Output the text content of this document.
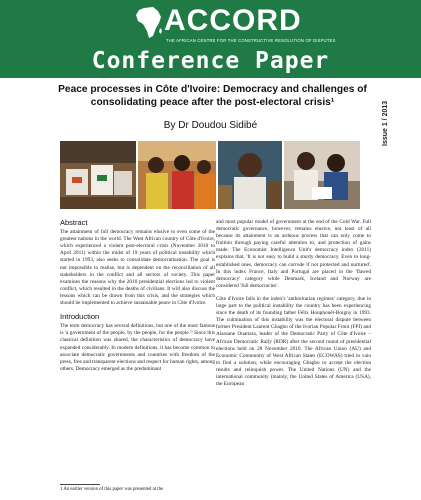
ACCORD
THE AFRICAN CENTRE FOR THE CONSTRUCTIVE RESOLUTION OF DISPUTES
Conference Paper
Issue 1 / 2013
Peace processes in Côte d'Ivoire: Democracy and challenges of consolidating peace after the post-electoral crisis¹
By Dr Doudou Sidibé
Abstract

The attainment of full democracy remains elusive to even some of the greatest nations in the world. The West African country of Côte d'Ivoire, which experienced a violent post-electoral crisis (November 2010 to April 2011) within the midst of 19 years of political instability which started in 1993, also seeks to consolidate democratisation. The goal is not impossible to realise, but is dependent on the reconciliation of all stakeholders in the conflict and all sectors of society. This paper examines the reasons why the 2010 presidential elections led to violent conflict, which resulted in the deaths of civilians. It will also discuss the lessons which can be drawn from this crisis, and the strategies which should be implemented to achieve sustainable peace in Côte d'Ivoire.

Introduction

The term democracy has several definitions, but one of the most famous is 'a government of the people, by the people, for the people.'² Since this classical definition was shared, the characteristics of democracy have expanded considerably. In modern definitions, it has become common to associate democratic governments and countries with freedom of the press, free and transparent elections and respect for human rights, among others. Democracy emerged as the predominant

and most popular model of government at the end of the Cold War. Full democratic governance, however, remains elusive, not least of all because its attainment is an arduous process that can only come to fruition through paying careful attention to, and protection of gains made. The Economist Intelligence Unit's democracy index (2011) explains that, 'It is not easy to build a sturdy democracy. Even in long-established ones, democracy can corrode if not protected and nurtured'. In this index France, Italy and Portugal are placed in the 'flawed democracy' category while Denmark, Iceland and Norway are considered 'full democracies'.

Côte d'Ivoire falls in the index's 'authoritarian regimes' category, due in large part to the political instability the country has been experiencing since the death of its founding father Félix Houphouët-Boigny in 1993. The culmination of this instability was the electoral dispute between former President Laurent Gbagbo of the Ivorian Popular Front (FPI) and Alassane Ouattara, leader of the Democratic Party of Côte d'Ivoire – African Democratic Rally (RDR) after the second round of presidential elections held on 28 November 2010. The African Union (AU) and Economic Community of West African States (ECOWAS) tried in vain to find a solution, while encouraging Gbagbo to accept the election results and relinquish power. The United Nations (UN) and the international community (mainly, the United States of America (USA), the European

1 An earlier version of this paper was presented at the
